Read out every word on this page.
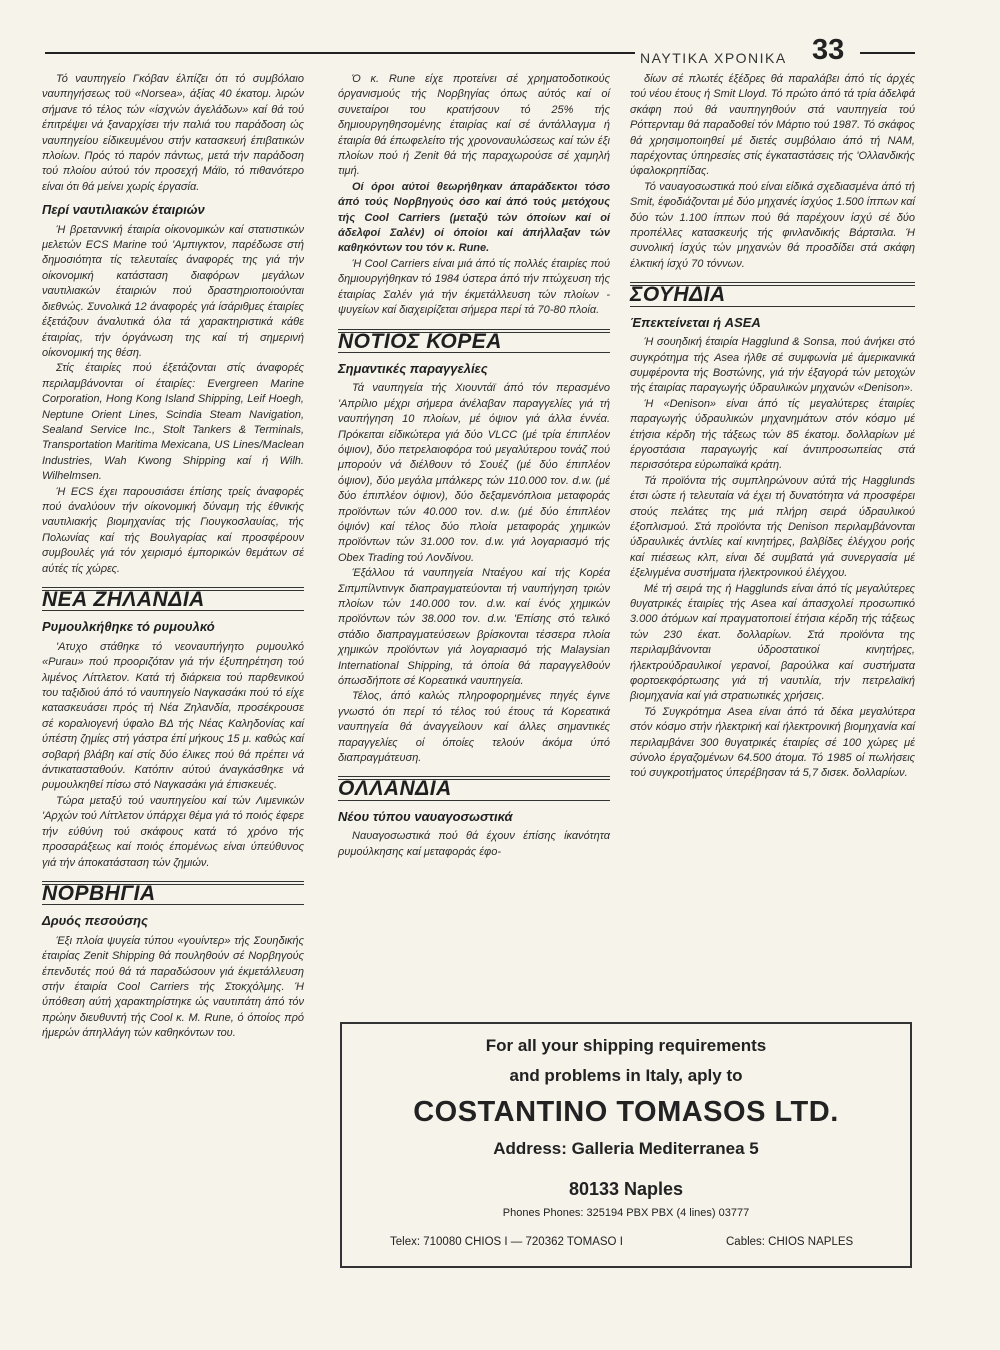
ΝΑΥΤΙΚΑ ΧΡΟΝΙΚΑ 33

Τό ναυπηγείο Γκόβαν έλπίζει ότι τό συμβόλαιο ναυπηγήσεως τοϋ «Norsea», άξίας 40 έκατομ. λιρών σήμανε τό τέλος τών «ίσχνών άγελάδων» καί θά τού έπιτρέψει νά ξαναρχίσει τήν παλιά του παράδοση ώς ναυπηγείου είδικευμένου στήν κατασκευή έπιβατικών πλοίων. Πρός τό παρόν πάντως, μετά τήν παράδοση τού πλοίου αύτού τόν προσεχή Μάϊο, τό πιθανότερο είναι ότι θά μείνει χωρίς έργασία.

Περί ναυτιλιακών έταιριών

Ή βρεταννική έταιρία οίκονομικών καί στατιστικών μελετών ECS Marine τού 'Αμπιγκτον, παρέδωσε στή δημοσιότητα τίς τελευταίες άναφορές της γιά τήν οίκονομική κατάσταση διαφόρων μεγάλων ναυτιλιακών έταιριών πού δραστηριοποιούνται διεθνώς. Συνολικά 12 άναφορές γιά ίσάριθμες έταιρίες έξετάζουν άναλυτικά όλα τά χαρακτηριστικά κάθε έταιρίας, τήν όργάνωση της καί τή σημερινή οίκονομική της θέση.

Στίς έταιρίες πού έξετάζονται στίς άναφορές περιλαμβάνονται οί έταιρίες: Evergreen Marine Corporation, Hong Kong Island Shipping, Leif Hoegh, Neptune Orient Lines, Scindia Steam Navigation, Sealand Service Inc., Stolt Tankers & Terminals, Transportation Maritima Mexicana, US Lines/Maclean Industries, Wah Kwong Shipping καί ή Wilh. Wilhelmsen.

Ή ECS έχει παρουσιάσει έπίσης τρείς άναφορές πού άναλύουν τήν οίκονομική δύναμη τής έθνικής ναυτιλιακής βιομηχανίας τής Γιουγκοσλαυίας, τής Πολωνίας καί τής Βουλγαρίας καί προσφέρουν συμβουλές γιά τόν χειρισμό έμπορικών θεμάτων σέ αύτές τίς χώρες.

ΝΕΑ ΖΗΛΑΝΔΙΑ
Ρυμουλκήθηκε τό ρυμουλκό

'Ατυχο στάθηκε τό νεοναυπήγητο ρυμουλκό «Purau» πού προοριζόταν γιά τήν έξυπηρέτηση τού λιμένος Λίττλετον. Κατά τή διάρκεια τού παρθενικού του ταξιδιού άπό τό ναυπηγείο Ναγκασάκι πού τό είχε κατασκευάσει πρός τή Νέα Ζηλανδία, προσέκρουσε σέ κοραλιογενή ύφαλο ΒΔ τής Νέας Καληδονίας καί ύπέστη ζημίες στή γάστρα έπί μήκους 15 μ. καθώς καί σοβαρή βλάβη καί στίς δύο έλικες πού θά πρέπει νά άντικατασταθούν. Κατόπιν αύτού άναγκάσθηκε νά ρυμουλκηθεί πίσω στό Ναγκασάκι γιά έπισκευές.

Τώρα μεταξύ τού ναυπηγείου καί τών Λιμενικών 'Αρχών τού Λίττλετον ύπάρχει θέμα γιά τό ποιός έφερε τήν εύθύνη τού σκάφους κατά τό χρόνο τής προσαράξεως καί ποιός έπομένως είναι ύπεύθυνος γιά τήν άποκατάσταση τών ζημιών.

ΝΟΡΒΗΓΙΑ
Δρυός πεσούσης

Έξι πλοία ψυγεία τύπου «γουίντερ» τής Σουηδικής έταιρίας Zenit Shipping θά πουληθούν σέ Νορβηγούς έπενδυτές πού θά τά παραδώσουν γιά έκμετάλλευση στήν έταιρία Cool Carriers τής Στοκχόλμης. Ή ύπόθεση αύτή χαρακτηρίστηκε ώς ναυτιπάτη άπό τόν πρώην διευθυντή τής Cool κ. M. Rune, ό όποίος πρό ήμερών άπηλλάγη τών καθηκόντων του.

Ό κ. Rune είχε προτείνει σέ χρηματοδοτικούς όργανισμούς τής Νορβηγίας όπως αύτός καί οί συνεταίροι του κρατήσουν τό 25% τής δημιουργηθησομένης έταιρίας καί σέ άντάλλαγμα ή έταιρία θά έπωφελείτο τής χρονοναυλώσεως καί τών έξι πλοίων πού ή Zenit θά τής παραχωρούσε σέ χαμηλή τιμή.

Οί όροι αύτοί θεωρήθηκαν άπαράδεκτοι τόσο άπό τούς Νορβηγούς όσο καί άπό τούς μετόχους τής Cool Carriers (μεταξύ τών όποίων καί οί άδελφοί Σαλέν) οί όποίοι καί άπήλλαξαν τών καθηκόντων του τόν κ. Rune.

Ή Cool Carriers είναι μιά άπό τίς πολλές έταιρίες πού δημιουργήθηκαν τό 1984 ύστερα άπό τήν πτώχευση τής έταιρίας Σαλέν γιά τήν έκμετάλλευση τών πλοίων - ψυγείων καί διαχειρίζεται σήμερα περί τά 70-80 πλοία.

ΝΟΤΙΟΣ ΚΟΡΕΑ
Σημαντικές παραγγελίες

Τά ναυπηγεία τής Χιουντάϊ άπό τόν περασμένο 'Απρίλιο μέχρι σήμερα άνέλαβαν παραγγελίες γιά τή ναυπήγηση 10 πλοίων, μέ όψιον γιά άλλα έννέα. Πρόκειται είδικώτερα γιά δύο VLCC (μέ τρία έπιπλέον όψιον), δύο πετρελαιοφόρα τού μεγαλύτερου τονάζ πού μπορούν νά διέλθουν τό Σουέζ (μέ δύο έπιπλέον όψιον), δύο μεγάλα μπάλκερς τών 110.000 τον. d.w. (μέ δύο έπιπλέον όψιον), δύο δεξαμενόπλοια μεταφοράς προϊόντων τών 40.000 τον. d.w. (μέ δύο έπιπλέον όψιόν) καί τέλος δύο πλοία μεταφοράς χημικών προϊόντων τών 31.000 τον. d.w. γιά λογαριασμό τής Obex Trading τού Λονδίνου.

Έξάλλου τά ναυπηγεία Νταέγου καί τής Κορέα Σιπμπίλντινγκ διαπραγματεύονται τή ναυπήγηση τριών πλοίων τών 140.000 τον. d.w. καί ένός χημικών προϊόντων τών 38.000 τον. d.w. 'Επίσης στό τελικό στάδιο διαπραγματεύσεων βρίσκονται τέσσερα πλοία χημικών προϊόντων γιά λογαριασμό τής Malaysian International Shipping, τά όποία θά παραγγελθούν όπωσδήποτε σέ Κορεατικά ναυπηγεία.

Τέλος, άπό καλώς πληροφορημένες πηγές έγινε γνωστό ότι περί τό τέλος τού έτους τά Κορεατικά ναυπηγεία θά άναγγείλουν καί άλλες σημαντικές παραγγελίες οί όποίες τελούν άκόμα ύπό διαπραγμάτευση.

ΟΛΛΑΝΔΙΑ
Νέου τύπου ναυαγοσωστικά

Ναυαγοσωστικά πού θά έχουν έπίσης ίκανότητα ρυμούλκησης καί μεταφοράς έφο-

δίων σέ πλωτές έξέδρες θά παραλάβει άπό τίς άρχές τού νέου έτους ή Smit Lloyd. Τό πρώτο άπό τά τρία άδελφά σκάφη πού θά ναυπηγηθούν στά ναυπηγεία τού Ρόττερνταμ θά παραδοθεί τόν Μάρτιο τού 1987. Τό σκάφος θά χρησιμοποιηθεί μέ διετές συμβόλαιο άπό τή ΝΑΜ, παρέχοντας ύπηρεσίες στίς έγκαταστάσεις τής 'Ολλανδικής ύφαλοκρηπίδας.

Τό ναυαγοσωστικά πού είναι είδικά σχεδιασμένα άπό τή Smit, έφοδιάζονται μέ δύο μηχανές ίσχύος 1.500 ίππων καί δύο τών 1.100 ίππων πού θά παρέχουν ίσχύ σέ δύο προπέλλες κατασκευής τής φινλανδικής Βάρτσιλα. Ή συνολική ίσχύς τών μηχανών θά προσδίδει στά σκάφη έλκτική ίσχύ 70 τόννων.

ΣΟΥΗΔΙΑ
Έπεκτείνεται ή ASEA

Ή σουηδική έταιρία Hagglund & Sonsa, πού άνήκει στό συγκρότημα τής Asea ήλθε σέ συμφωνία μέ άμερικανικά συμφέροντα τής Βοστώνης, γιά τήν έξαγορά τών μετοχών τής έταιρίας παραγωγής ύδραυλικών μηχανών «Denison».

Ή «Denison» είναι άπό τίς μεγαλύτερες έταιρίες παραγωγής ύδραυλικών μηχανημάτων στόν κόσμο μέ έτήσια κέρδη τής τάξεως τών 85 έκατομ. δολλαρίων μέ έργοστάσια παραγωγής καί άντιπροσωπείας στά περισσότερα εύρωπαϊκά κράτη.

Τά προϊόντα τής συμπληρώνουν αύτά τής Hagglunds έτσι ώστε ή τελευταία νά έχει τή δυνατότητα νά προσφέρει στούς πελάτες της μιά πλήρη σειρά ύδραυλικού έξοπλισμού. Στά προϊόντα τής Denison περιλαμβάνονται ύδραυλικές άντλίες καί κινητήρες, βαλβίδες έλέγχου ροής καί πιέσεως κλπ, είναι δέ συμβατά γιά συνεργασία μέ έξελιγμένα συστήματα ήλεκτρονικού έλέγχου.

Μέ τή σειρά της ή Hagglunds είναι άπό τίς μεγαλύτερες θυγατρικές έταιρίες τής Asea καί άπασχολεί προσωπικό 3.000 άτόμων καί πραγματοποιεί έτήσια κέρδη τής τάξεως τών 230 έκατ. δολλαρίων. Στά προϊόντα της περιλαμβάνονται ύδροστατικοί κινητήρες, ήλεκτρούδραυλικοί γερανοί, βαρούλκα καί συστήματα φορτοεκφόρτωσης γιά τή ναυτιλία, τήν πετρελαϊκή βιομηχανία καί γιά στρατιωτικές χρήσεις.

Τό Συγκρότημα Asea είναι άπό τά δέκα μεγαλύτερα στόν κόσμο στήν ήλεκτρική καί ήλεκτρονική βιομηχανία καί περιλαμβάνει 300 θυγατρικές έταιρίες σέ 100 χώρες μέ σύνολο έργαζομένων 64.500 άτομα. Τό 1985 οί πωλήσεις τού συγκροτήματος ύπερέβησαν τά 5,7 δισεκ. δολλαρίων.

For all your shipping requirements
and problems in Italy, aply to
COSTANTINO TOMASOS LTD.
Address: Galleria Mediterranea 5
80133 Naples
Phones Phones: 325194 PBX PBX (4 lines) 03777
Telex: 710080 CHIOS I — 720362 TOMASO I	Cables: CHIOS NAPLES
